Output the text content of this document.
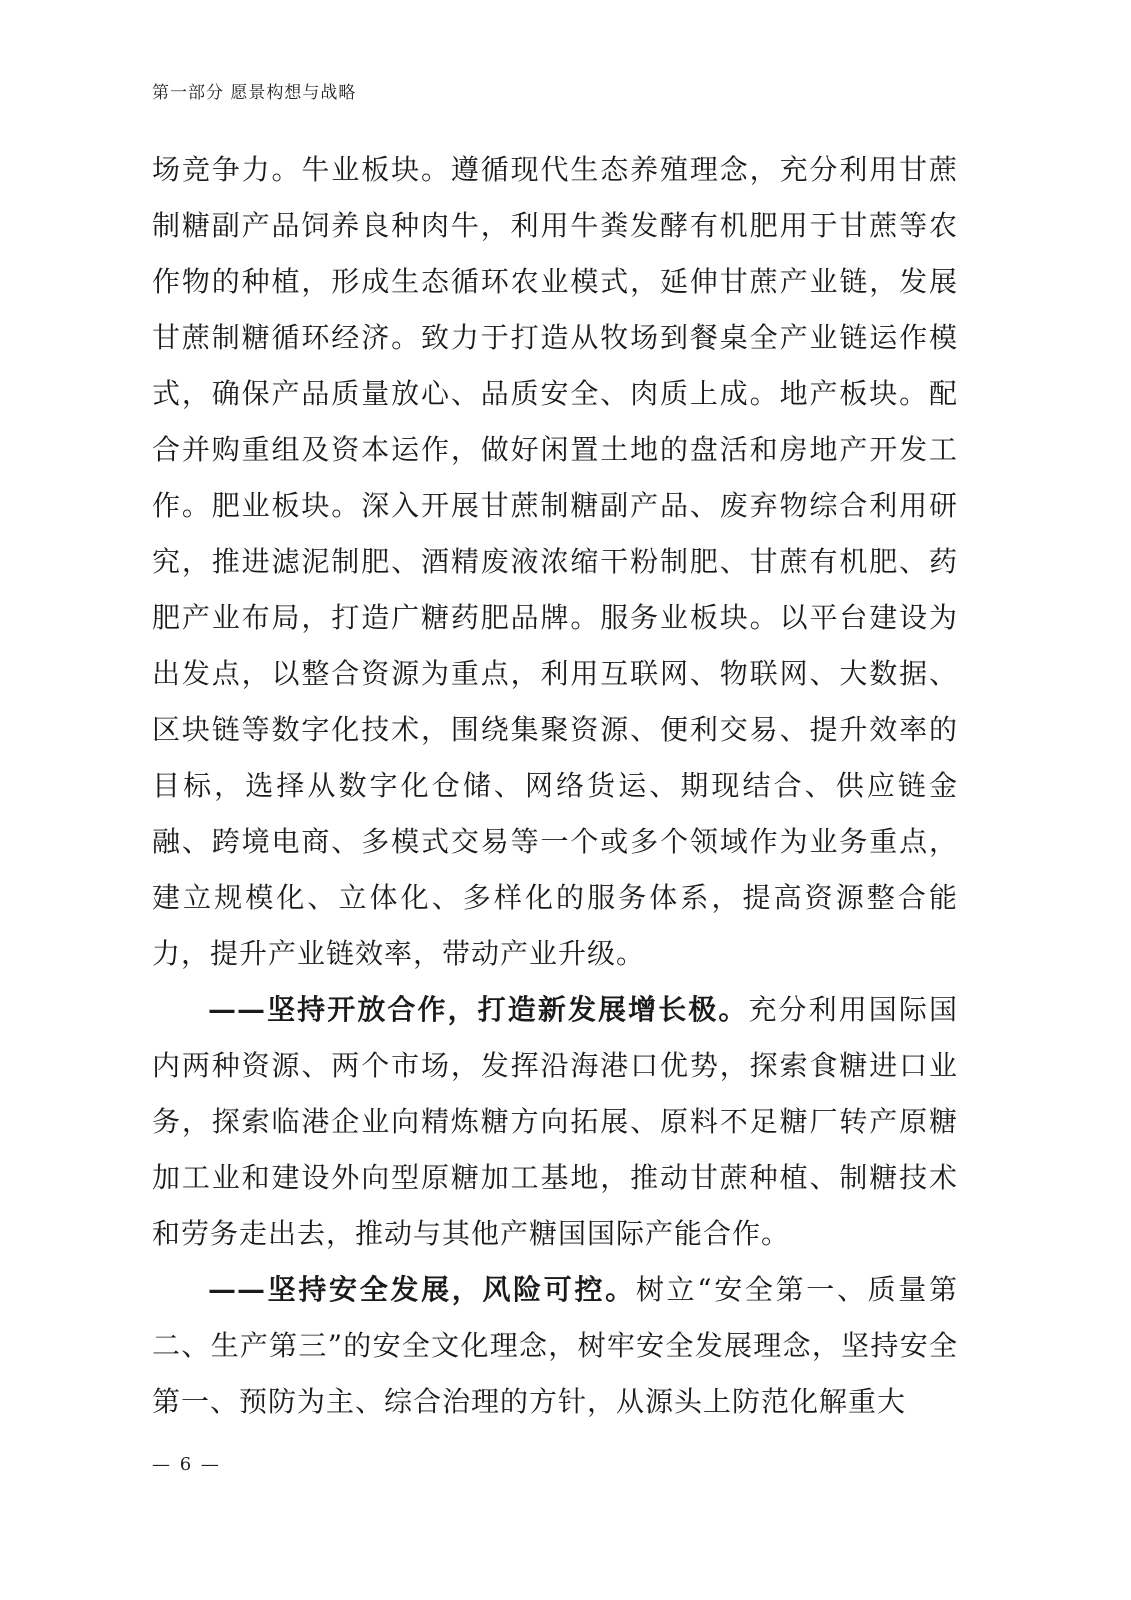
第一部分 愿景构想与战略

场竞争力。牛业板块。遵循现代生态养殖理念，充分利用甘蔗制糖副产品饲养良种肉牛，利用牛粪发酵有机肥用于甘蔗等农作物的种植，形成生态循环农业模式，延伸甘蔗产业链，发展甘蔗制糖循环经济。致力于打造从牧场到餐桌全产业链运作模式，确保产品质量放心、品质安全、肉质上成。地产板块。配合并购重组及资本运作，做好闲置土地的盘活和房地产开发工作。肥业板块。深入开展甘蔗制糖副产品、废弃物综合利用研究，推进滤泥制肥、酒精废液浓缩干粉制肥、甘蔗有机肥、药肥产业布局，打造广糖药肥品牌。服务业板块。以平台建设为出发点，以整合资源为重点，利用互联网、物联网、大数据、区块链等数字化技术，围绕集聚资源、便利交易、提升效率的目标，选择从数字化仓储、网络货运、期现结合、供应链金融、跨境电商、多模式交易等一个或多个领域作为业务重点，建立规模化、立体化、多样化的服务体系，提高资源整合能力，提升产业链效率，带动产业升级。

——坚持开放合作，打造新发展增长极。充分利用国际国内两种资源、两个市场，发挥沿海港口优势，探索食糖进口业务，探索临港企业向精炼糖方向拓展、原料不足糖厂转产原糖加工业和建设外向型原糖加工基地，推动甘蔗种植、制糖技术和劳务走出去，推动与其他产糖国国际产能合作。

——坚持安全发展，风险可控。树立“安全第一、质量第二、生产第三”的安全文化理念，树牢安全发展理念，坚持安全第一、预防为主、综合治理的方针，从源头上防范化解重大

— 6 —
